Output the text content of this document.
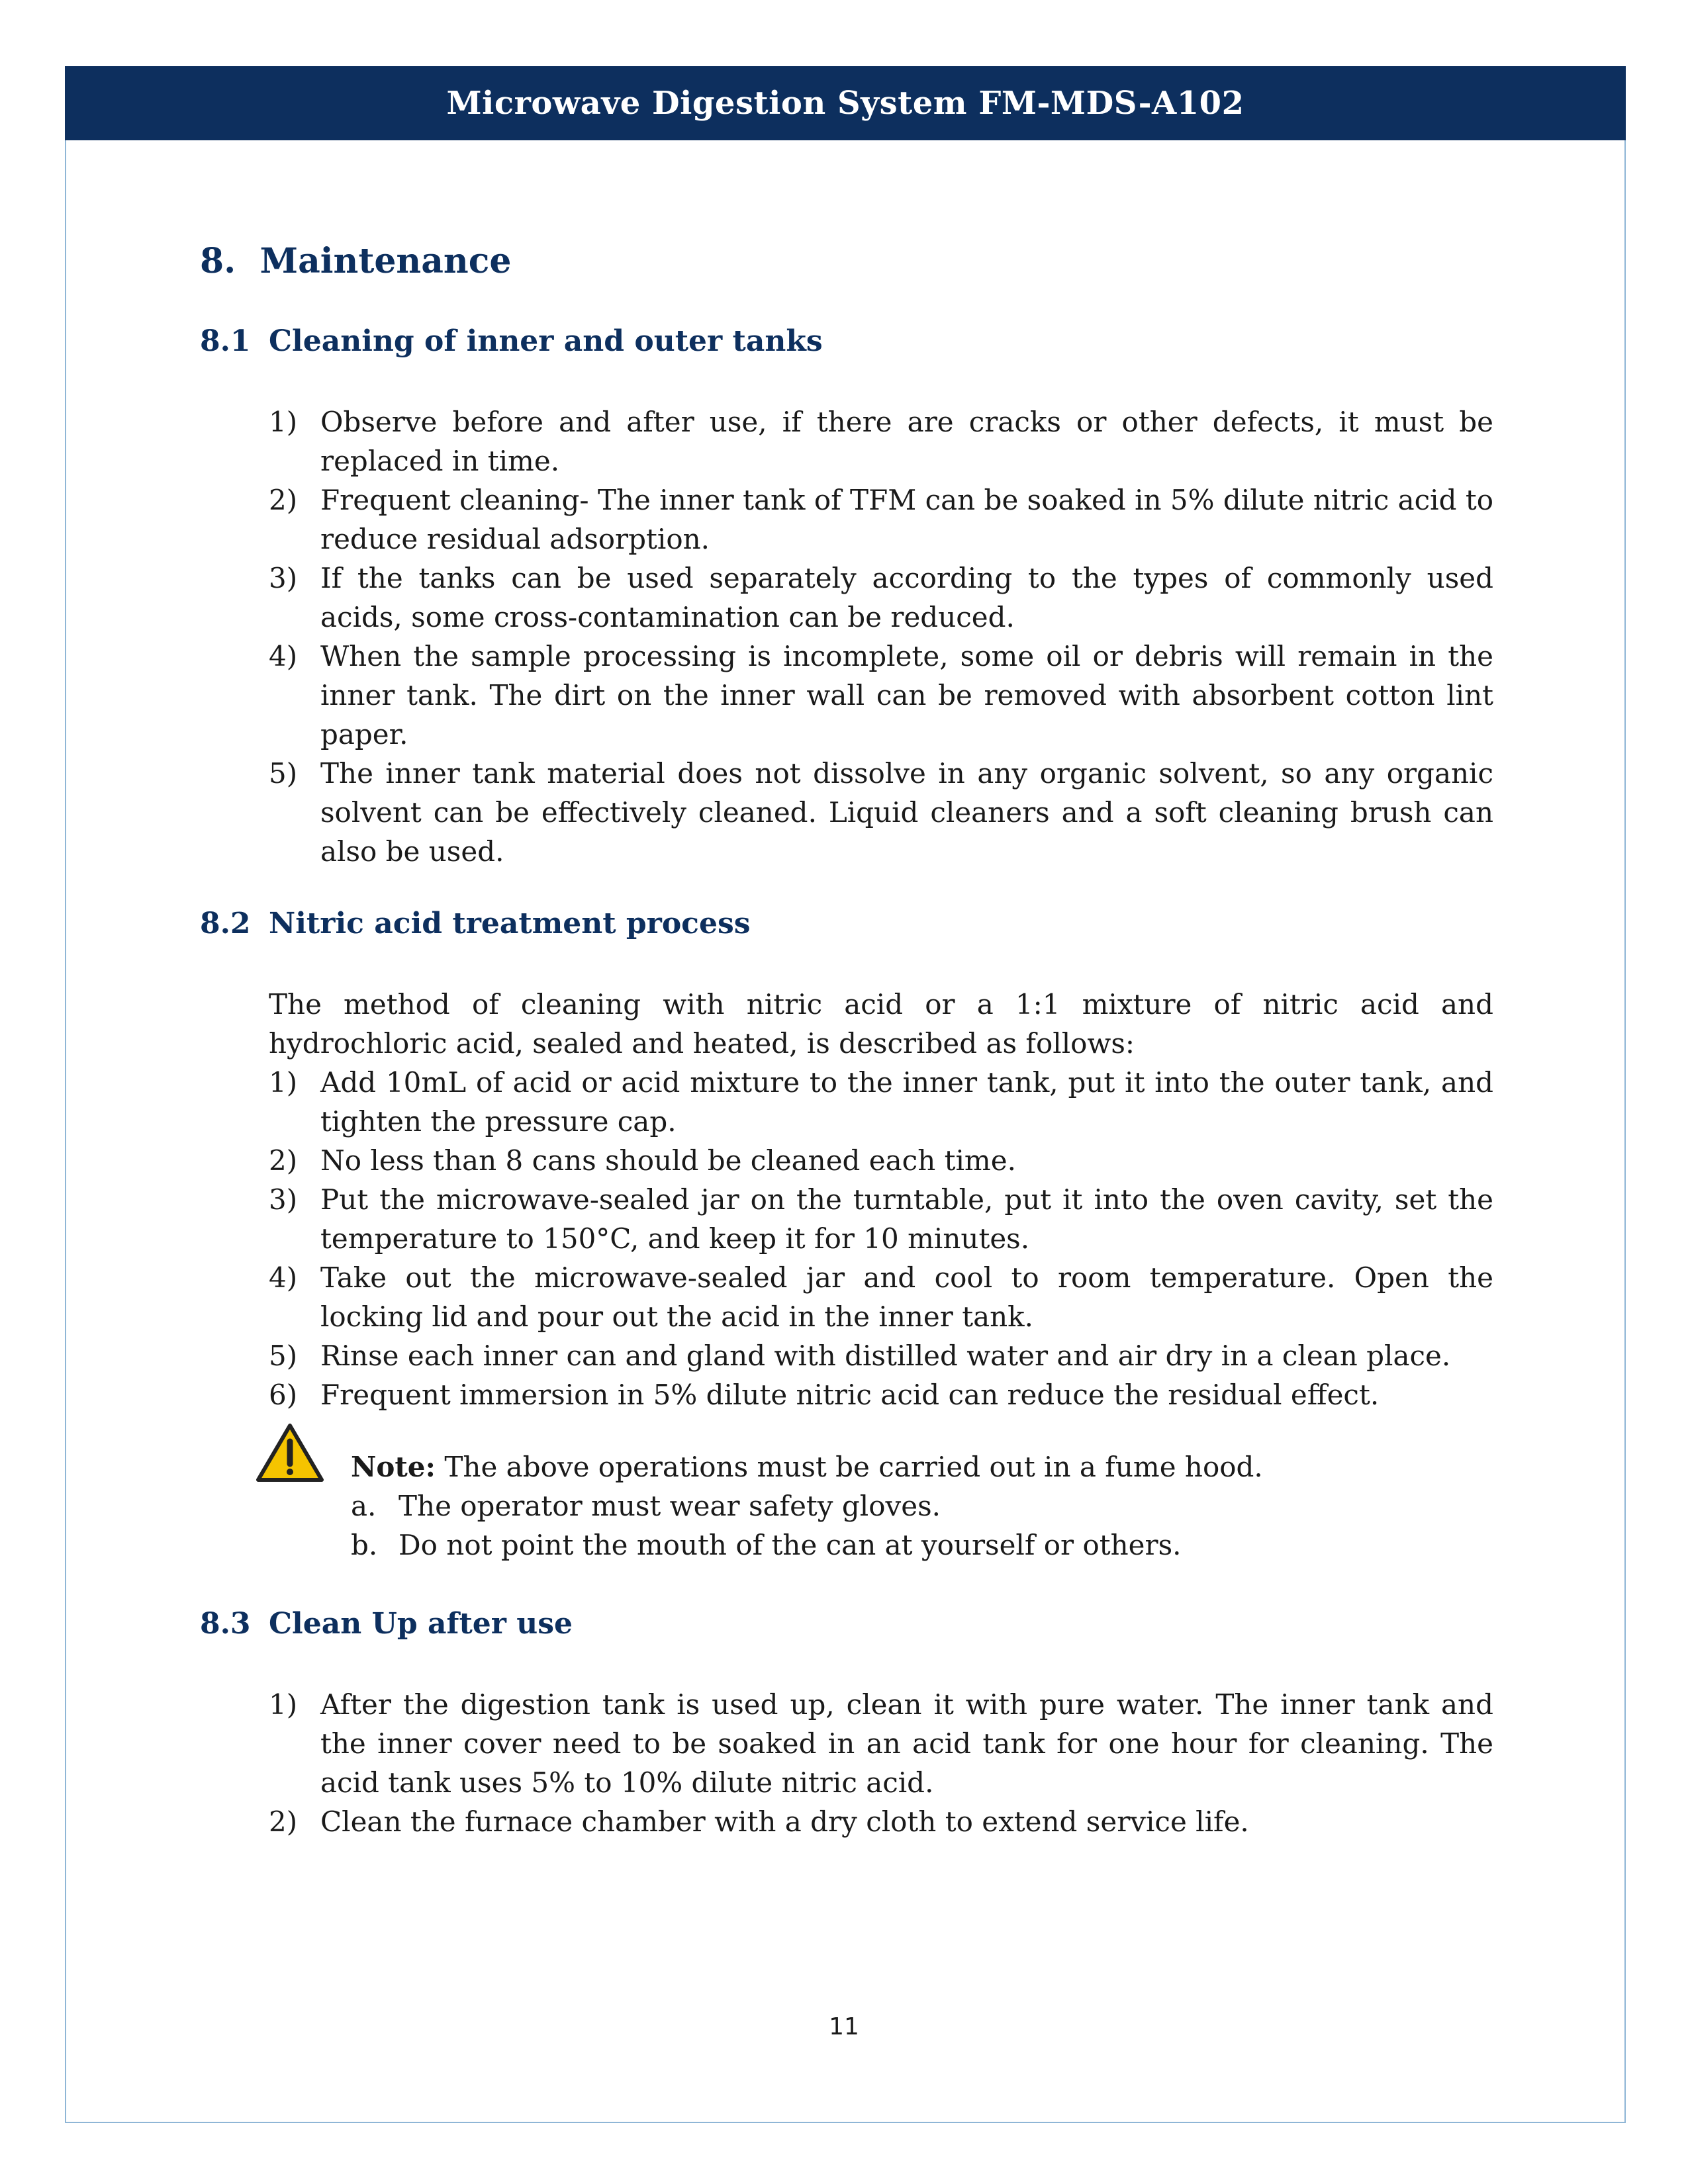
Microwave Digestion System FM-MDS-A102
8. Maintenance
8.1 Cleaning of inner and outer tanks
1) Observe before and after use, if there are cracks or other defects, it must be replaced in time.
2) Frequent cleaning- The inner tank of TFM can be soaked in 5% dilute nitric acid to reduce residual adsorption.
3) If the tanks can be used separately according to the types of commonly used acids, some cross-contamination can be reduced.
4) When the sample processing is incomplete, some oil or debris will remain in the inner tank. The dirt on the inner wall can be removed with absorbent cotton lint paper.
5) The inner tank material does not dissolve in any organic solvent, so any organic solvent can be effectively cleaned. Liquid cleaners and a soft cleaning brush can also be used.
8.2 Nitric acid treatment process

The method of cleaning with nitric acid or a 1:1 mixture of nitric acid and hydrochloric acid, sealed and heated, is described as follows:

1) Add 10mL of acid or acid mixture to the inner tank, put it into the outer tank, and tighten the pressure cap.
2) No less than 8 cans should be cleaned each time.
3) Put the microwave-sealed jar on the turntable, put it into the oven cavity, set the temperature to 150°C, and keep it for 10 minutes.
4) Take out the microwave-sealed jar and cool to room temperature. Open the locking lid and pour out the acid in the inner tank.
5) Rinse each inner can and gland with distilled water and air dry in a clean place.
6) Frequent immersion in 5% dilute nitric acid can reduce the residual effect.

Note: The above operations must be carried out in a fume hood.

a. The operator must wear safety gloves.
b. Do not point the mouth of the can at yourself or others.
8.3 Clean Up after use
1) After the digestion tank is used up, clean it with pure water. The inner tank and the inner cover need to be soaked in an acid tank for one hour for cleaning. The acid tank uses 5% to 10% dilute nitric acid.
2) Clean the furnace chamber with a dry cloth to extend service life.
11
